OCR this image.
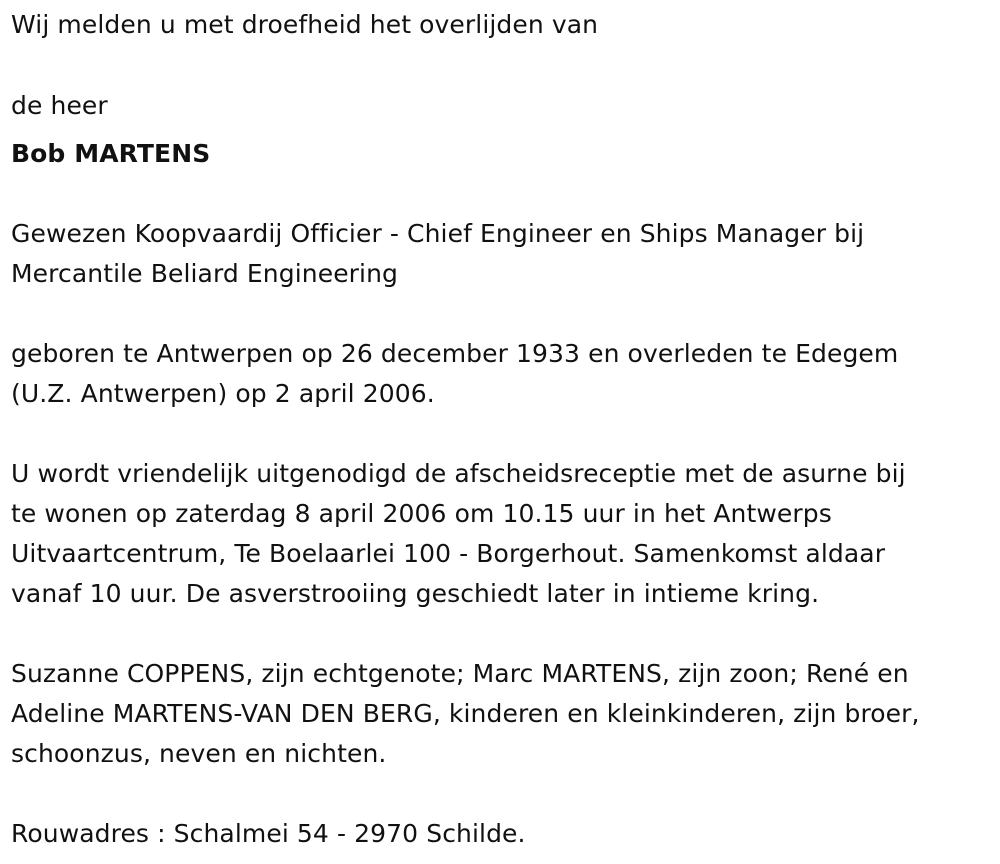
Wij melden u met droefheid het overlijden van
de heer
Bob MARTENS
Gewezen Koopvaardij Officier - Chief Engineer en Ships Manager bij
Mercantile Beliard Engineering
geboren te Antwerpen op 26 december 1933 en overleden te Edegem
(U.Z. Antwerpen) op 2 april 2006.
U wordt vriendelijk uitgenodigd de afscheidsreceptie met de asurne bij
te wonen op zaterdag 8 april 2006 om 10.15 uur in het Antwerps
Uitvaartcentrum, Te Boelaarlei 100 - Borgerhout. Samenkomst aldaar
vanaf 10 uur. De asverstrooiing geschiedt later in intieme kring.
Suzanne COPPENS, zijn echtgenote; Marc MARTENS, zijn zoon; René en
Adeline MARTENS-VAN DEN BERG, kinderen en kleinkinderen, zijn broer,
schoonzus, neven en nichten.
Rouwadres : Schalmei 54 - 2970 Schilde.
